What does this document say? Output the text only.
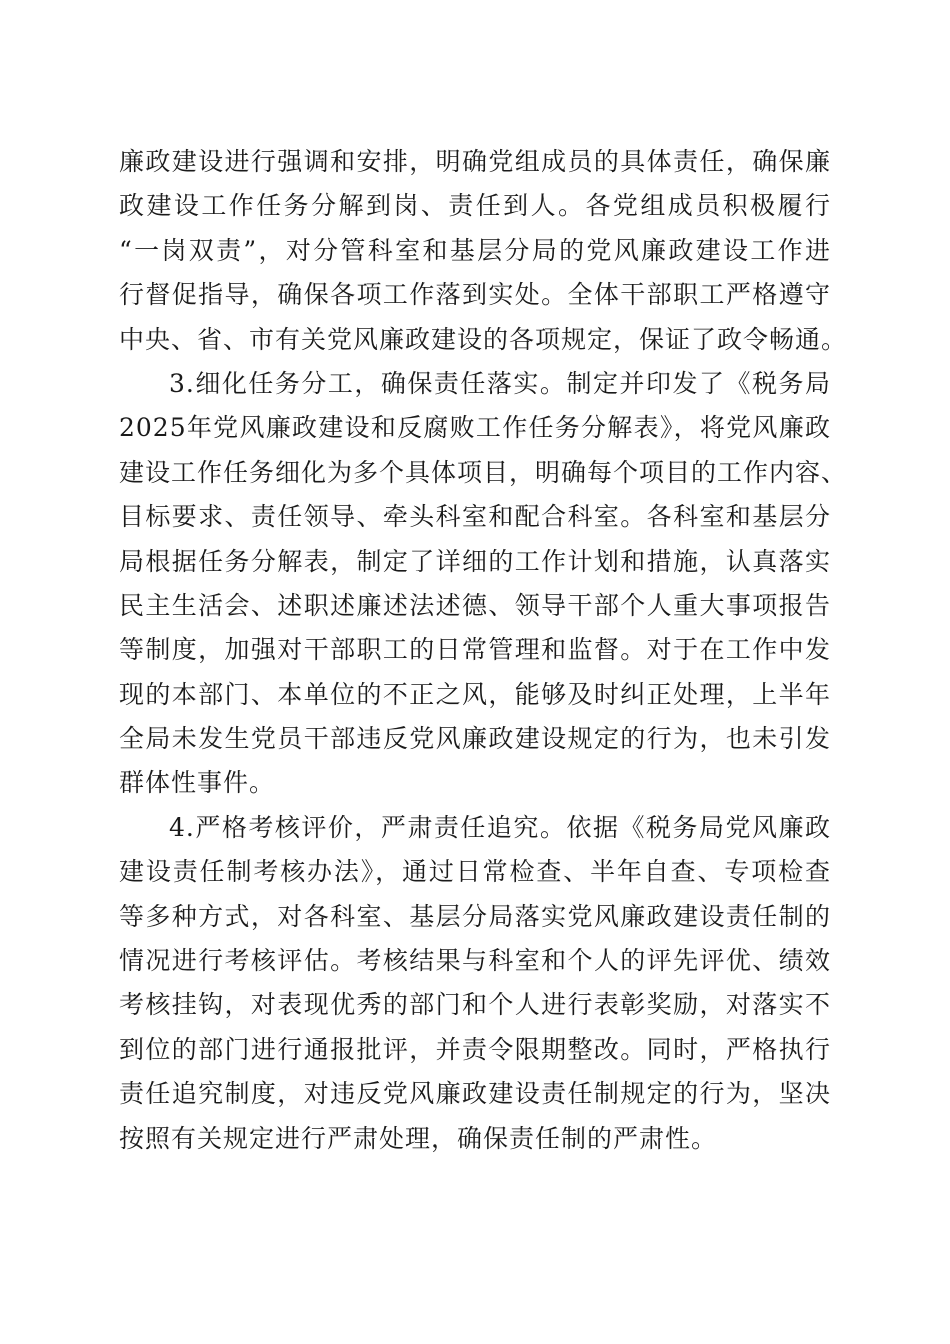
廉政建设进行强调和安排，明确党组成员的具体责任，确保廉
政建设工作任务分解到岗、责任到人。各党组成员积极履行
“一岗双责”，对分管科室和基层分局的党风廉政建设工作进
行督促指导，确保各项工作落到实处。全体干部职工严格遵守
中央、省、市有关党风廉政建设的各项规定，保证了政令畅通。
3.细化任务分工，确保责任落实。制定并印发了《税务局
2025年党风廉政建设和反腐败工作任务分解表》，将党风廉政
建设工作任务细化为多个具体项目，明确每个项目的工作内容、
目标要求、责任领导、牵头科室和配合科室。各科室和基层分
局根据任务分解表，制定了详细的工作计划和措施，认真落实
民主生活会、述职述廉述法述德、领导干部个人重大事项报告
等制度，加强对干部职工的日常管理和监督。对于在工作中发
现的本部门、本单位的不正之风，能够及时纠正处理，上半年
全局未发生党员干部违反党风廉政建设规定的行为，也未引发
群体性事件。
4.严格考核评价，严肃责任追究。依据《税务局党风廉政
建设责任制考核办法》，通过日常检查、半年自查、专项检查
等多种方式，对各科室、基层分局落实党风廉政建设责任制的
情况进行考核评估。考核结果与科室和个人的评先评优、绩效
考核挂钩，对表现优秀的部门和个人进行表彰奖励，对落实不
到位的部门进行通报批评，并责令限期整改。同时，严格执行
责任追究制度，对违反党风廉政建设责任制规定的行为，坚决
按照有关规定进行严肃处理，确保责任制的严肃性。
